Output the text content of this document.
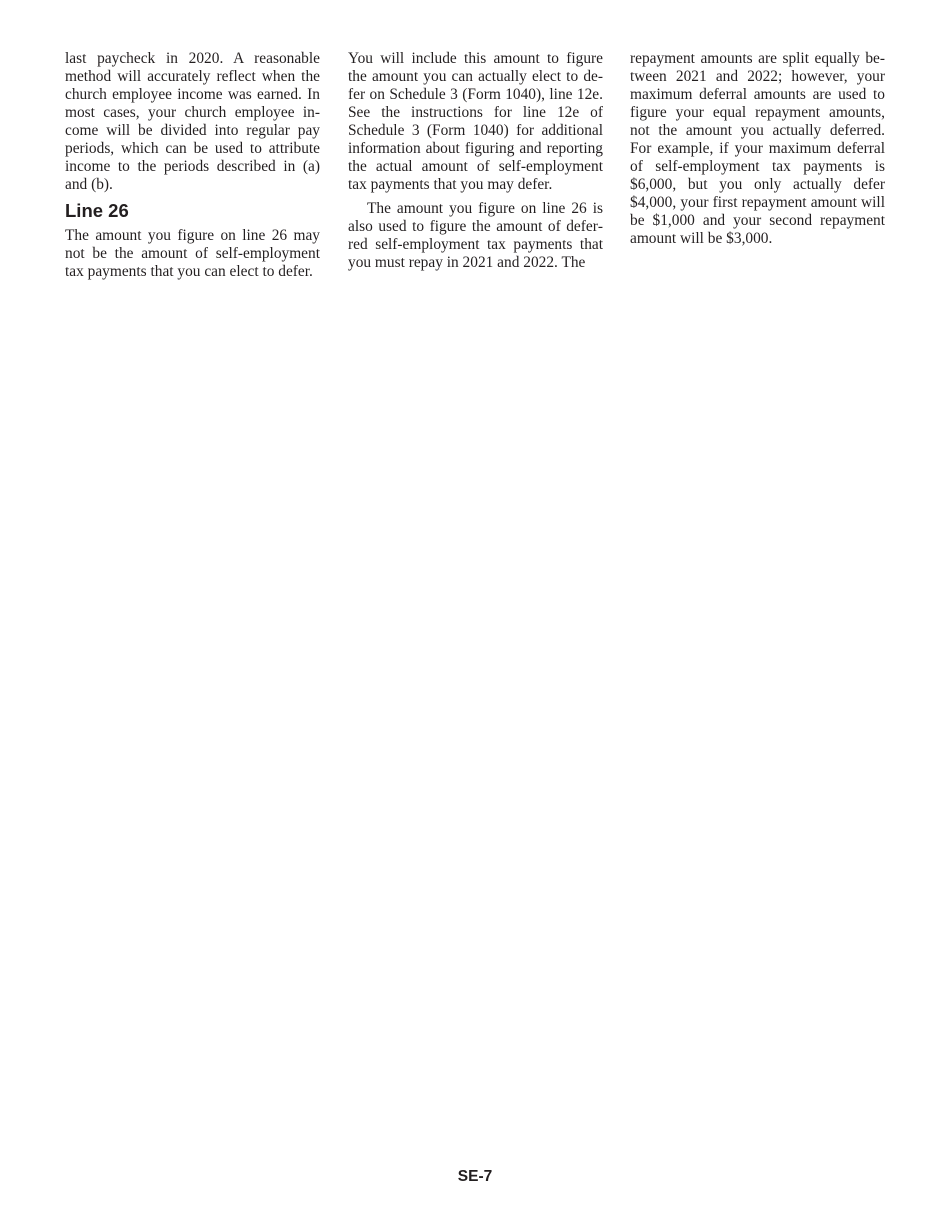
last paycheck in 2020. A reasonable method will accurately reflect when the church employee income was earned. In most cases, your church employee income will be divided into regular pay periods, which can be used to attribute income to the periods described in (a) and (b).

Line 26

The amount you figure on line 26 may not be the amount of self-employment tax payments that you can elect to defer.

You will include this amount to figure the amount you can actually elect to defer on Schedule 3 (Form 1040), line 12e. See the instructions for line 12e of Schedule 3 (Form 1040) for additional information about figuring and reporting the actual amount of self-employment tax payments that you may defer.

The amount you figure on line 26 is also used to figure the amount of deferred self-employment tax payments that you must repay in 2021 and 2022. The

repayment amounts are split equally between 2021 and 2022; however, your maximum deferral amounts are used to figure your equal repayment amounts, not the amount you actually deferred. For example, if your maximum deferral of self-employment tax payments is $6,000, but you only actually defer $4,000, your first repayment amount will be $1,000 and your second repayment amount will be $3,000.

SE-7
